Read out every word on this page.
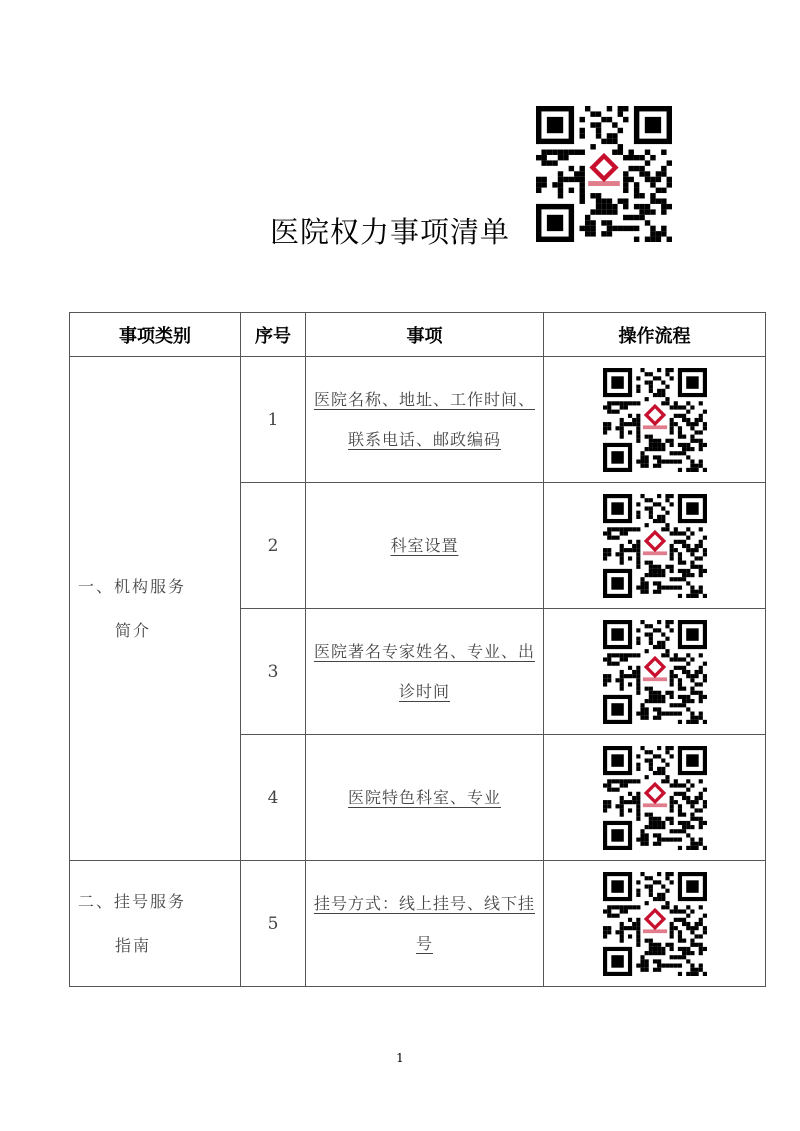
医院权力事项清单
事项类别	序号	事项	操作流程
一、机构服务
简介	1	医院名称、地址、工作时间、联系电话、邮政编码	
	2	科室设置	
	3	医院著名专家姓名、专业、出诊时间	
	4	医院特色科室、专业	
二、挂号服务
指南	5	挂号方式：线上挂号、线下挂号	
1
